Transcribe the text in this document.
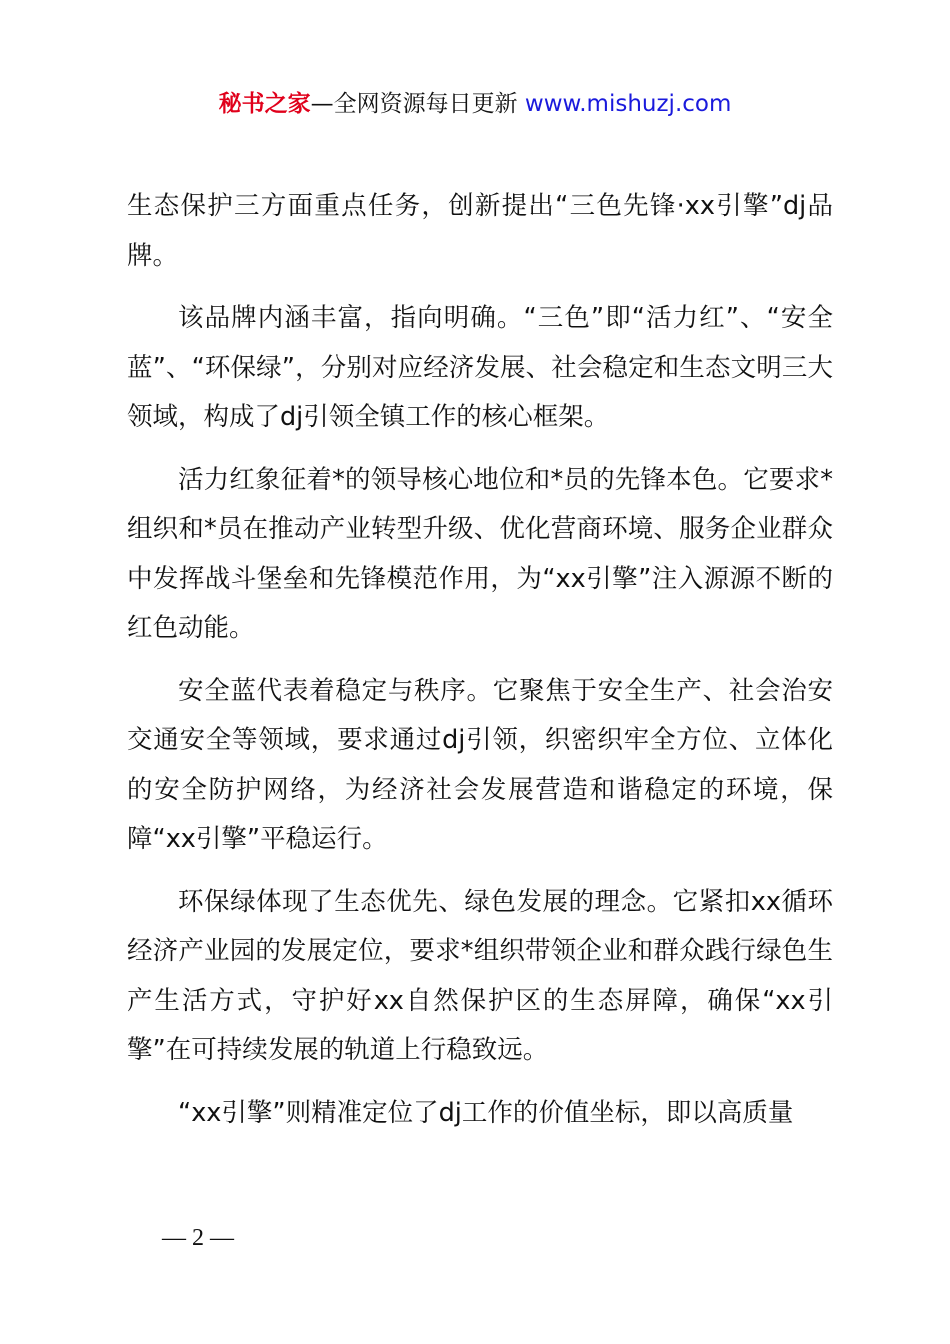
秘书之家—全网资源每日更新 www.mishuzj.com

生态保护三方面重点任务，创新提出“三色先锋·xx引擎”dj品牌。

该品牌内涵丰富，指向明确。“三色”即“活力红”、“安全蓝”、“环保绿”，分别对应经济发展、社会稳定和生态文明三大领域，构成了dj引领全镇工作的核心框架。

活力红象征着*的领导核心地位和*员的先锋本色。它要求*组织和*员在推动产业转型升级、优化营商环境、服务企业群众中发挥战斗堡垒和先锋模范作用，为“xx引擎”注入源源不断的红色动能。

安全蓝代表着稳定与秩序。它聚焦于安全生产、社会治安交通安全等领域，要求通过dj引领，织密织牢全方位、立体化的安全防护网络，为经济社会发展营造和谐稳定的环境，保障“xx引擎”平稳运行。

环保绿体现了生态优先、绿色发展的理念。它紧扣xx循环经济产业园的发展定位，要求*组织带领企业和群众践行绿色生产生活方式，守护好xx自然保护区的生态屏障，确保“xx引擎”在可持续发展的轨道上行稳致远。

“xx引擎”则精准定位了dj工作的价值坐标，即以高质量

— 2 —
